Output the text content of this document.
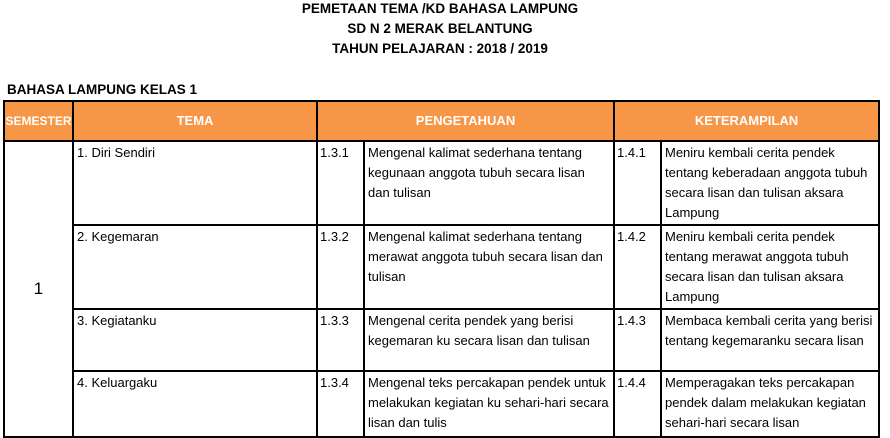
PEMETAAN TEMA /KD BAHASA LAMPUNG
SD N 2 MERAK BELANTUNG
TAHUN PELAJARAN : 2018 / 2019
BAHASA LAMPUNG KELAS 1
SEMESTER	TEMA	PENGETAHUAN		KETERAMPILAN	
1	1. Diri Sendiri	1.3.1	Mengenal kalimat sederhana tentang kegunaan anggota tubuh secara lisan dan tulisan	1.4.1	Meniru kembali cerita pendek tentang keberadaan anggota tubuh secara lisan dan tulisan aksara Lampung
	2. Kegemaran	1.3.2	Mengenal kalimat sederhana tentang merawat anggota tubuh secara lisan dan tulisan	1.4.2	Meniru kembali cerita pendek tentang merawat anggota tubuh secara lisan dan tulisan aksara Lampung
	3. Kegiatanku	1.3.3	Mengenal cerita pendek yang berisi kegemaran ku secara lisan dan tulisan	1.4.3	Membaca kembali cerita yang berisi tentang kegemaranku secara lisan
	4. Keluargaku	1.3.4	Mengenal teks percakapan pendek untuk melakukan kegiatan ku sehari-hari secara lisan dan tulis	1.4.4	Memperagakan teks percakapan pendek dalam melakukan kegiatan sehari-hari secara lisan
